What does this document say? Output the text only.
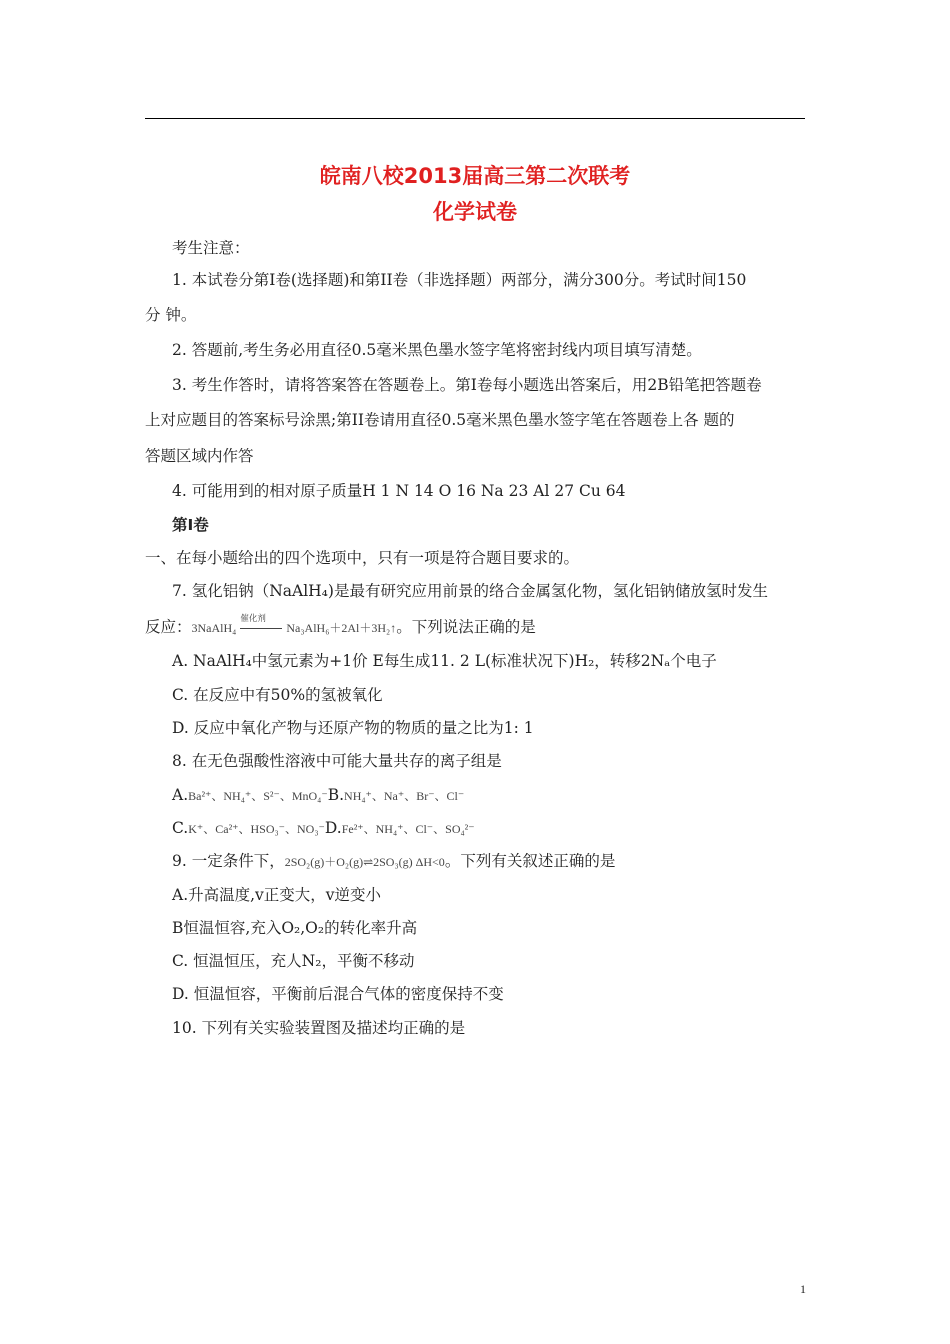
皖南八校2013届高三第二次联考
化学试卷
考生注意：
1. 本试卷分第Ⅰ卷(选择题)和第II卷（非选择题）两部分，满分300分。考试时间150
分 钟。
2. 答题前,考生务必用直径0.5毫米黑色墨水签字笔将密封线内项目填写清楚。
3. 考生作答时，请将答案答在答题卷上。第Ⅰ卷每小题选出答案后，用2B铅笔把答题卷
上对应题目的答案标号涂黑;第II卷请用直径0.5毫米黑色墨水签字笔在答题卷上各 题的
答题区域内作答
4. 可能用到的相对原子质量H 1 N 14 O 16 Na 23 Al 27 Cu 64
第Ⅰ卷
一、在每小题给出的四个选项中，只有一项是符合题目要求的。
7. 氢化铝钠（NaAlH₄)是最有研究应用前景的络合金属氢化物，氢化铝钠储放氢时发生
反应：3NaAlH₄
催化剂
Na₃AlH₆＋2Al＋3H₂↑。下列说法正确的是
A. NaAlH₄中氢元素为+1价 E每生成11. 2 L(标准状况下)H₂，转移2Nₐ个电子
C. 在反应中有50%的氢被氧化
D. 反应中氧化产物与还原产物的物质的量之比为1: 1
8. 在无色强酸性溶液中可能大量共存的离子组是
A.Ba²⁺、NH₄⁺、S²⁻、MnO₄⁻B.NH₄⁺、Na⁺、Br⁻、Cl⁻
C.K⁺、Ca²⁺、HSO₃⁻、NO₃⁻D.Fe²⁺、NH₄⁺、Cl⁻、SO₄²⁻
9. 一定条件下，2SO₂(g)＋O₂(g)⇌2SO₃(g) ΔH<0。下列有关叙述正确的是
A.升高温度,v正变大，v逆变小
B恒温恒容,充入O₂,O₂的转化率升高
C. 恒温恒压，充人N₂，平衡不移动
D. 恒温恒容，平衡前后混合气体的密度保持不变
10. 下列有关实验装置图及描述均正确的是
1
